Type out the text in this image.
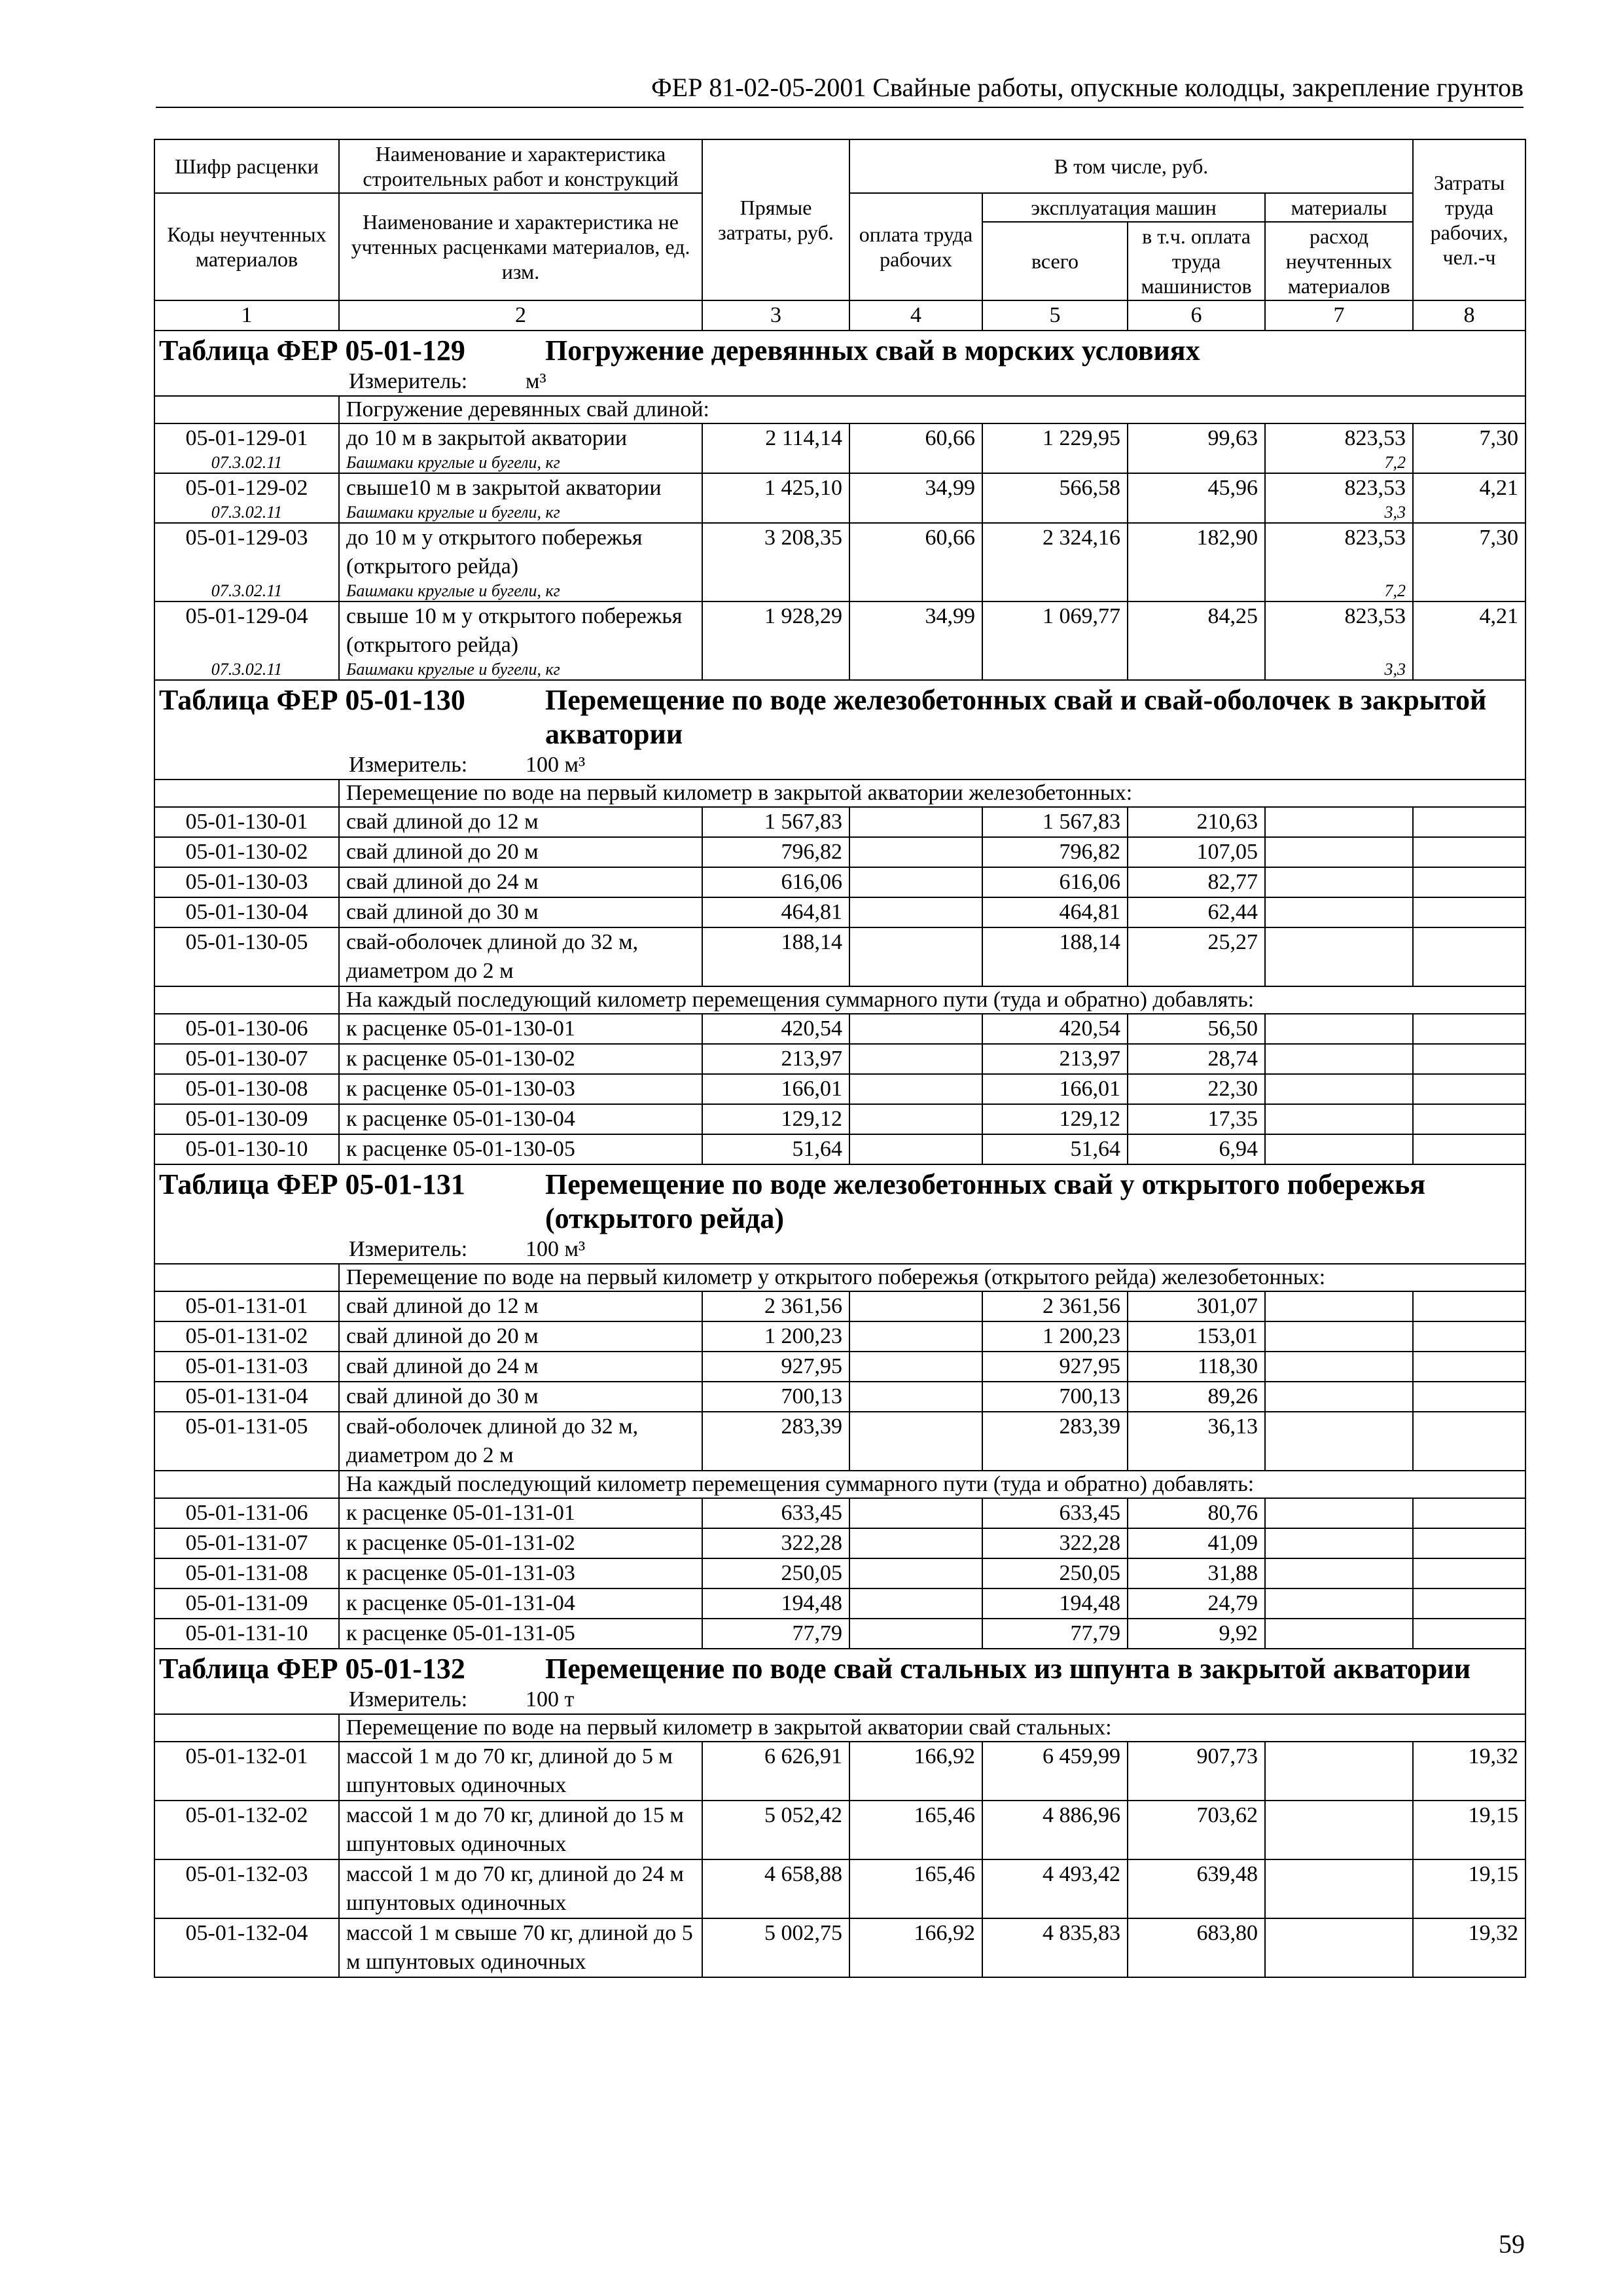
ФЕР 81-02-05-2001 Свайные работы, опускные колодцы, закрепление грунтов
Шифр расценки	Наименование и характеристика строительных работ и конструкций	Прямые затраты, руб.	В том числе, руб.				Затраты труда рабочих, чел.-ч
Коды неучтенных материалов	Наименование и характеристика не учтенных расценками материалов, ед. изм.		оплата труда рабочих	эксплуатация машин		материалы	
				всего	в т.ч. оплата труда машинистов	расход неучтенных материалов	
1	2	3	4	5	6	7	8
Таблица ФЕР 05-01-129 Погружение деревянных свай в морских условиях							
Измеритель: м³							
	Погружение деревянных свай длиной:						
05-01-129-01	до 10 м в закрытой акватории	2 114,14	60,66	1 229,95	99,63	823,53	7,30
07.3.02.11	Башмаки круглые и бугели, кг					7,2	
05-01-129-02	свыше10 м в закрытой акватории	1 425,10	34,99	566,58	45,96	823,53	4,21
07.3.02.11	Башмаки круглые и бугели, кг					3,3	
05-01-129-03	до 10 м у открытого побережья (открытого рейда)	3 208,35	60,66	2 324,16	182,90	823,53	7,30
07.3.02.11	Башмаки круглые и бугели, кг					7,2	
05-01-129-04	свыше 10 м у открытого побережья (открытого рейда)	1 928,29	34,99	1 069,77	84,25	823,53	4,21
07.3.02.11	Башмаки круглые и бугели, кг					3,3	
Таблица ФЕР 05-01-130 Перемещение по воде железобетонных свай и свай-оболочек в закрытой акватории							
Измеритель: 100 м³							
	Перемещение по воде на первый километр в закрытой акватории железобетонных:						
05-01-130-01	свай длиной до 12 м	1 567,83		1 567,83	210,63		
05-01-130-02	свай длиной до 20 м	796,82		796,82	107,05		
05-01-130-03	свай длиной до 24 м	616,06		616,06	82,77		
05-01-130-04	свай длиной до 30 м	464,81		464,81	62,44		
05-01-130-05	свай-оболочек длиной до 32 м, диаметром до 2 м	188,14		188,14	25,27		
	На каждый последующий километр перемещения суммарного пути (туда и обратно) добавлять:						
05-01-130-06	к расценке 05-01-130-01	420,54		420,54	56,50		
05-01-130-07	к расценке 05-01-130-02	213,97		213,97	28,74		
05-01-130-08	к расценке 05-01-130-03	166,01		166,01	22,30		
05-01-130-09	к расценке 05-01-130-04	129,12		129,12	17,35		
05-01-130-10	к расценке 05-01-130-05	51,64		51,64	6,94		
Таблица ФЕР 05-01-131 Перемещение по воде железобетонных свай у открытого побережья (открытого рейда)							
Измеритель: 100 м³							
	Перемещение по воде на первый километр у открытого побережья (открытого рейда) железобетонных:						
05-01-131-01	свай длиной до 12 м	2 361,56		2 361,56	301,07		
05-01-131-02	свай длиной до 20 м	1 200,23		1 200,23	153,01		
05-01-131-03	свай длиной до 24 м	927,95		927,95	118,30		
05-01-131-04	свай длиной до 30 м	700,13		700,13	89,26		
05-01-131-05	свай-оболочек длиной до 32 м, диаметром до 2 м	283,39		283,39	36,13		
	На каждый последующий километр перемещения суммарного пути (туда и обратно) добавлять:						
05-01-131-06	к расценке 05-01-131-01	633,45		633,45	80,76		
05-01-131-07	к расценке 05-01-131-02	322,28		322,28	41,09		
05-01-131-08	к расценке 05-01-131-03	250,05		250,05	31,88		
05-01-131-09	к расценке 05-01-131-04	194,48		194,48	24,79		
05-01-131-10	к расценке 05-01-131-05	77,79		77,79	9,92		
Таблица ФЕР 05-01-132 Перемещение по воде свай стальных из шпунта в закрытой акватории							
Измеритель: 100 т							
	Перемещение по воде на первый километр в закрытой акватории свай стальных:						
05-01-132-01	массой 1 м до 70 кг, длиной до 5 м шпунтовых одиночных	6 626,91	166,92	6 459,99	907,73		19,32
05-01-132-02	массой 1 м до 70 кг, длиной до 15 м шпунтовых одиночных	5 052,42	165,46	4 886,96	703,62		19,15
05-01-132-03	массой 1 м до 70 кг, длиной до 24 м шпунтовых одиночных	4 658,88	165,46	4 493,42	639,48		19,15
05-01-132-04	массой 1 м свыше 70 кг, длиной до 5 м шпунтовых одиночных	5 002,75	166,92	4 835,83	683,80		19,32
59
